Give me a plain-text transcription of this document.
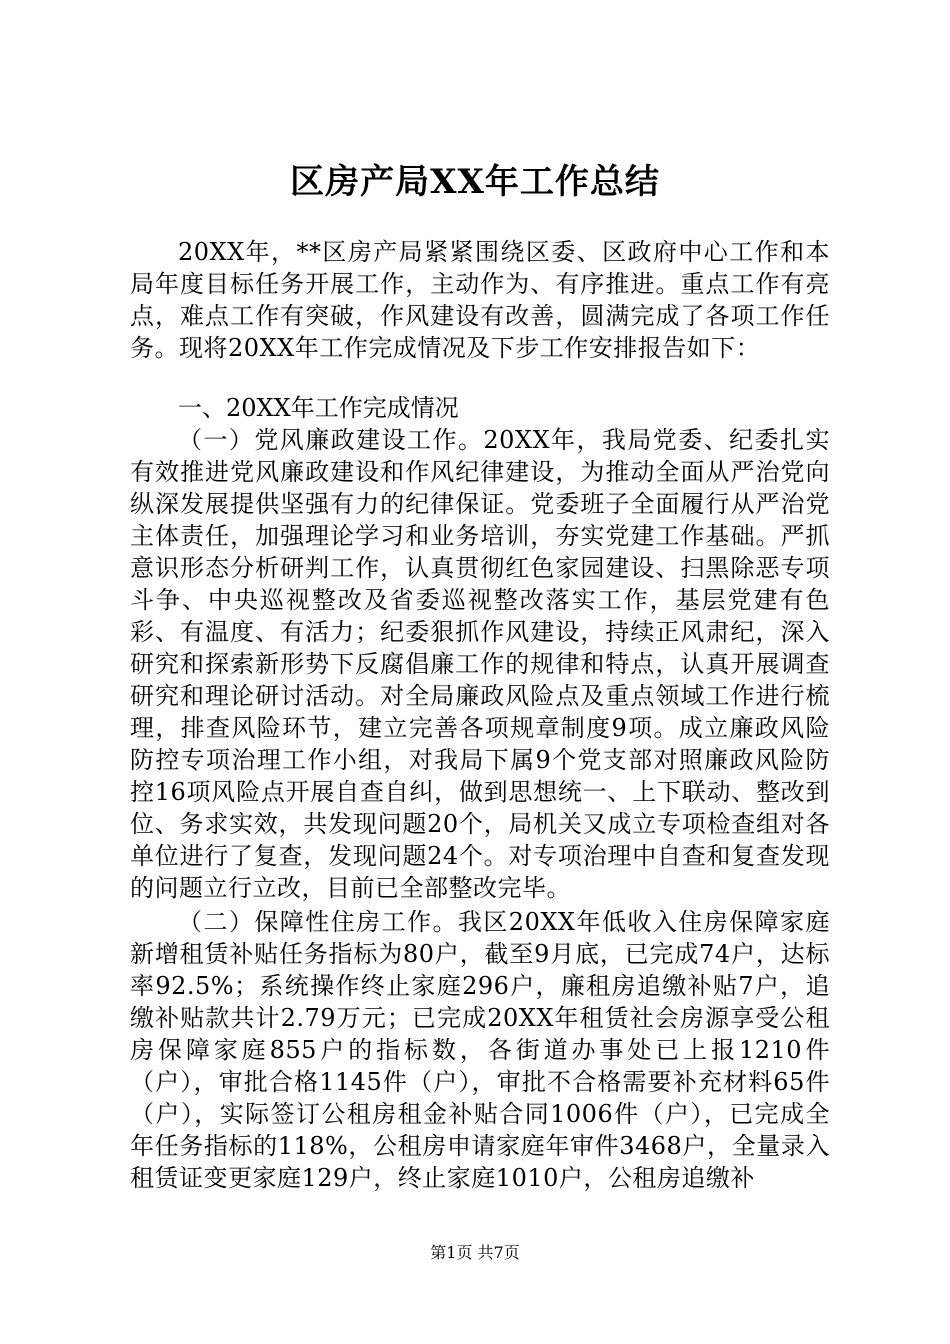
区房产局XX年工作总结

20XX年，**区房产局紧紧围绕区委、区政府中心工作和本局年度目标任务开展工作，主动作为、有序推进。重点工作有亮点，难点工作有突破，作风建设有改善，圆满完成了各项工作任务。现将20XX年工作完成情况及下步工作安排报告如下：

一、20XX年工作完成情况

（一）党风廉政建设工作。20XX年，我局党委、纪委扎实有效推进党风廉政建设和作风纪律建设，为推动全面从严治党向纵深发展提供坚强有力的纪律保证。党委班子全面履行从严治党主体责任，加强理论学习和业务培训，夯实党建工作基础。严抓意识形态分析研判工作，认真贯彻红色家园建设、扫黑除恶专项斗争、中央巡视整改及省委巡视整改落实工作，基层党建有色彩、有温度、有活力；纪委狠抓作风建设，持续正风肃纪，深入研究和探索新形势下反腐倡廉工作的规律和特点，认真开展调查研究和理论研讨活动。对全局廉政风险点及重点领域工作进行梳理，排查风险环节，建立完善各项规章制度9项。成立廉政风险防控专项治理工作小组，对我局下属9个党支部对照廉政风险防控16项风险点开展自查自纠，做到思想统一、上下联动、整改到位、务求实效，共发现问题20个，局机关又成立专项检查组对各单位进行了复查，发现问题24个。对专项治理中自查和复查发现的问题立行立改，目前已全部整改完毕。

（二）保障性住房工作。我区20XX年低收入住房保障家庭新增租赁补贴任务指标为80户，截至9月底，已完成74户，达标率92.5%；系统操作终止家庭296户，廉租房追缴补贴7户，追缴补贴款共计2.79万元；已完成20XX年租赁社会房源享受公租房保障家庭855户的指标数，各街道办事处已上报1210件（户），审批合格1145件（户），审批不合格需要补充材料65件（户），实际签订公租房租金补贴合同1006件（户），已完成全年任务指标的118%，公租房申请家庭年审件3468户，全量录入租赁证变更家庭129户，终止家庭1010户，公租房追缴补

第1页 共7页
